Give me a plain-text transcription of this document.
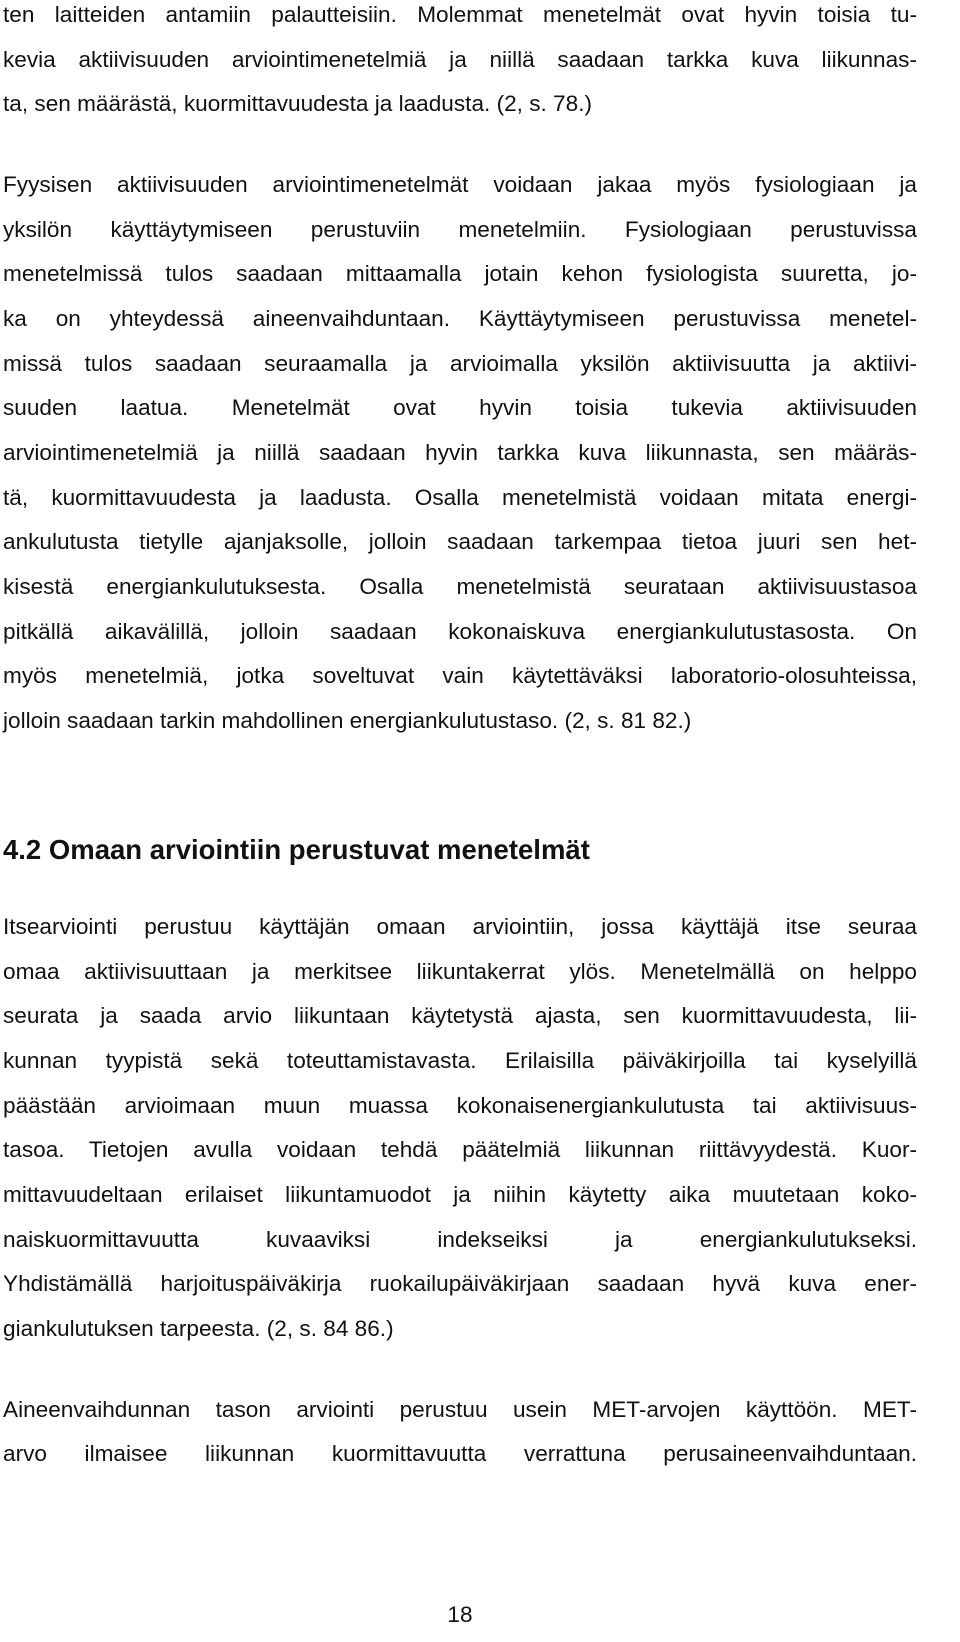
ten laitteiden antamiin palautteisiin. Molemmat menetelmät ovat hyvin toisia tu-
kevia aktiivisuuden arviointimenetelmiä ja niillä saadaan tarkka kuva liikunnas-
ta, sen määrästä, kuormittavuudesta ja laadusta. (2, s. 78.)
Fyysisen aktiivisuuden arviointimenetelmät voidaan jakaa myös fysiologiaan ja
yksilön käyttäytymiseen perustuviin menetelmiin. Fysiologiaan perustuvissa
menetelmissä tulos saadaan mittaamalla jotain kehon fysiologista suuretta, jo-
ka on yhteydessä aineenvaihduntaan. Käyttäytymiseen perustuvissa menetel-
missä tulos saadaan seuraamalla ja arvioimalla yksilön aktiivisuutta ja aktiivi-
suuden laatua. Menetelmät ovat hyvin toisia tukevia aktiivisuuden
arviointimenetelmiä ja niillä saadaan hyvin tarkka kuva liikunnasta, sen määräs-
tä, kuormittavuudesta ja laadusta. Osalla menetelmistä voidaan mitata energi-
ankulutusta tietylle ajanjaksolle, jolloin saadaan tarkempaa tietoa juuri sen het-
kisestä energiankulutuksesta. Osalla menetelmistä seurataan aktiivisuustasoa
pitkällä aikavälillä, jolloin saadaan kokonaiskuva energiankulutustasosta. On
myös menetelmiä, jotka soveltuvat vain käytettäväksi laboratorio-olosuhteissa,
jolloin saadaan tarkin mahdollinen energiankulutustaso. (2, s. 81 82.)
4.2 Omaan arviointiin perustuvat menetelmät
Itsearviointi perustuu käyttäjän omaan arviointiin, jossa käyttäjä itse seuraa
omaa aktiivisuuttaan ja merkitsee liikuntakerrat ylös. Menetelmällä on helppo
seurata ja saada arvio liikuntaan käytetystä ajasta, sen kuormittavuudesta, lii-
kunnan tyypistä sekä toteuttamistavasta. Erilaisilla päiväkirjoilla tai kyselyillä
päästään arvioimaan muun muassa kokonaisenergiankulutusta tai aktiivisuus-
tasoa. Tietojen avulla voidaan tehdä päätelmiä liikunnan riittävyydestä. Kuor-
mittavuudeltaan erilaiset liikuntamuodot ja niihin käytetty aika muutetaan koko-
naiskuormittavuutta kuvaaviksi indekseiksi ja energiankulutukseksi.
Yhdistämällä harjoituspäiväkirja ruokailupäiväkirjaan saadaan hyvä kuva ener-
giankulutuksen tarpeesta. (2, s. 84 86.)
Aineenvaihdunnan tason arviointi perustuu usein MET-arvojen käyttöön. MET-
arvo ilmaisee liikunnan kuormittavuutta verrattuna perusaineenvaihduntaan.
18
